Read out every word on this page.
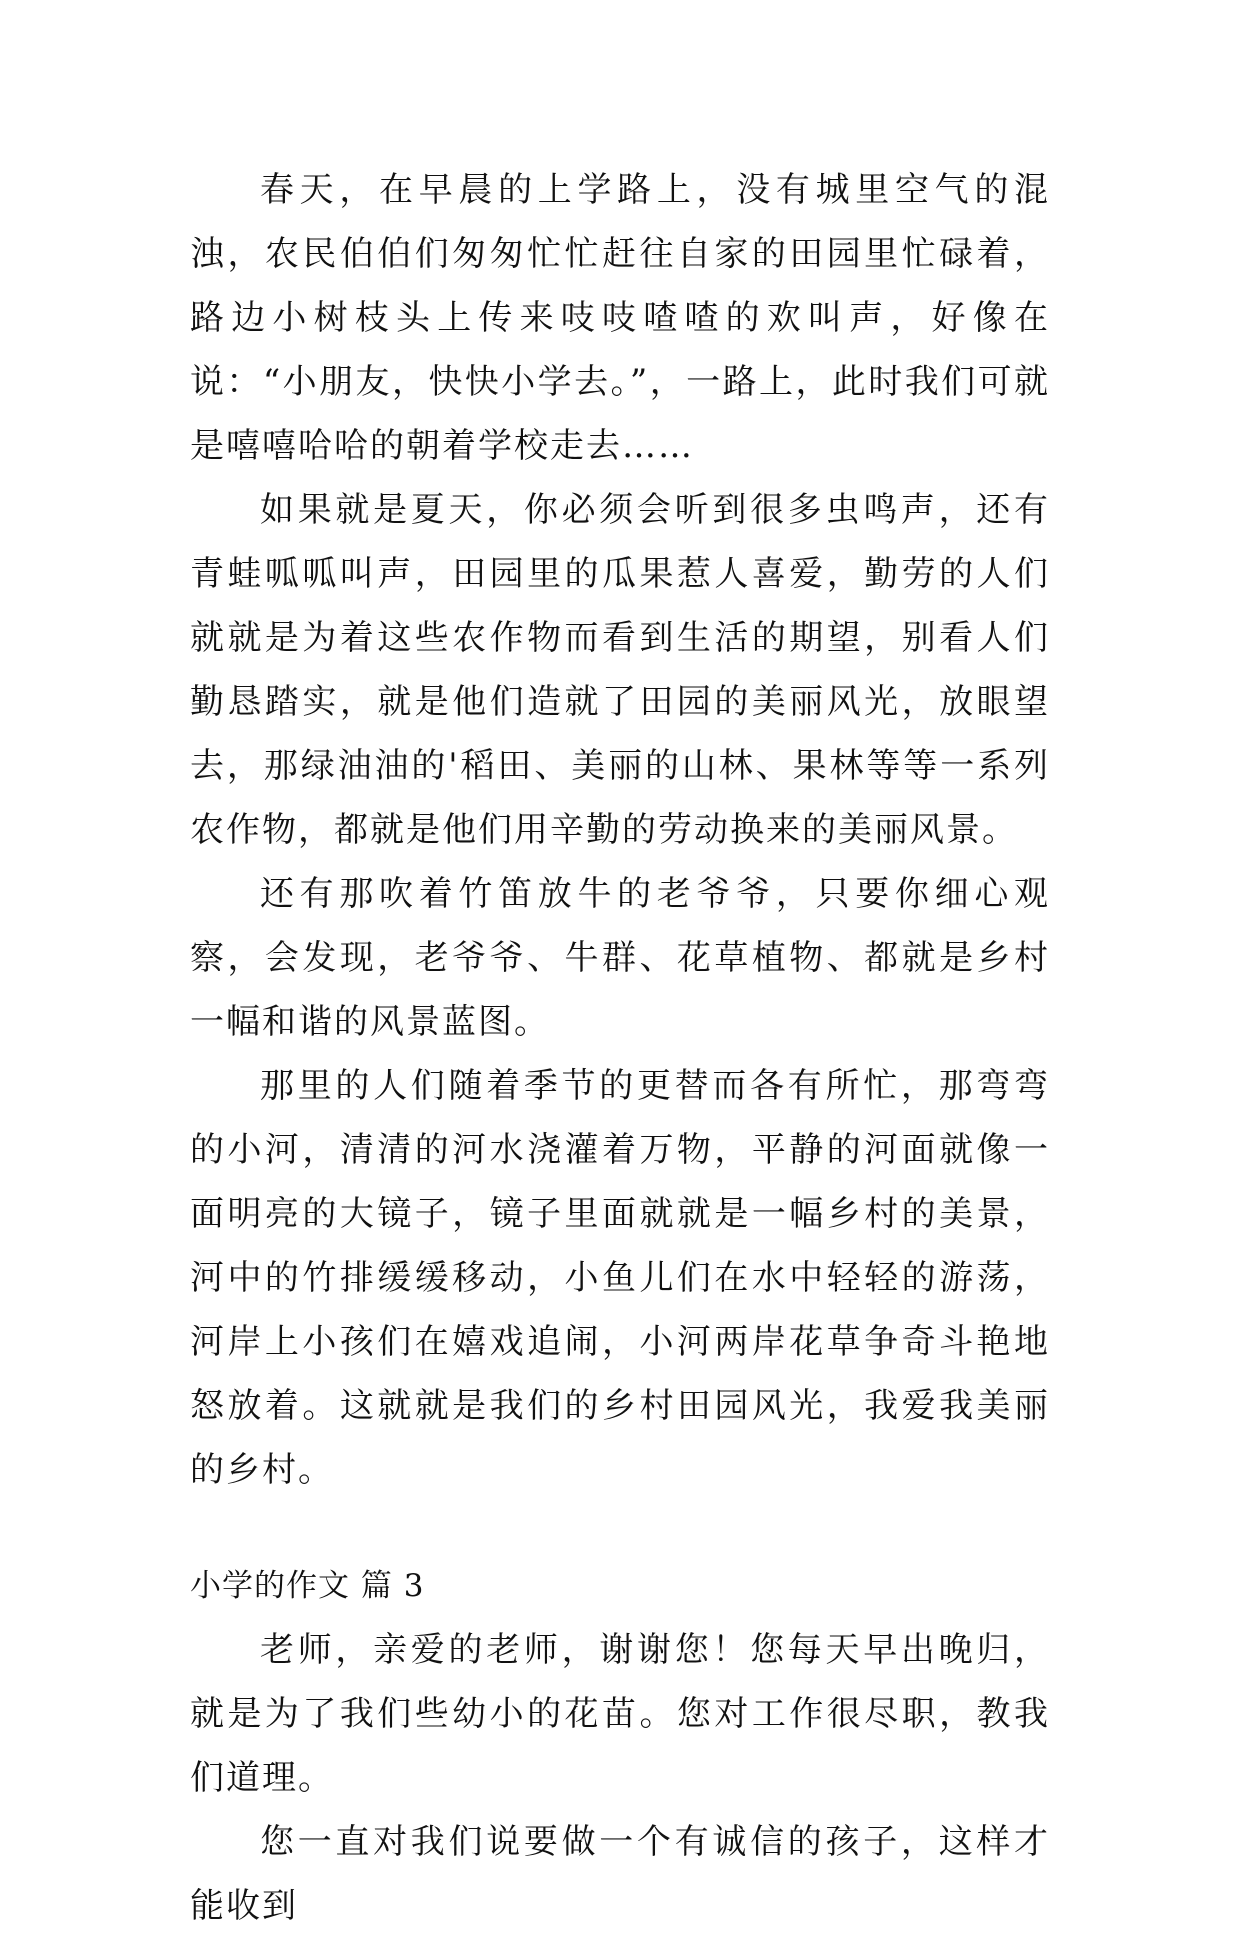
春天，在早晨的上学路上，没有城里空气的混浊，农民伯伯们匆匆忙忙赶往自家的田园里忙碌着，路边小树枝头上传来吱吱喳喳的欢叫声，好像在说：“小朋友，快快小学去。”，一路上，此时我们可就是嘻嘻哈哈的朝着学校走去……

如果就是夏天，你必须会听到很多虫鸣声，还有青蛙呱呱叫声，田园里的瓜果惹人喜爱，勤劳的人们就就是为着这些农作物而看到生活的期望，别看人们勤恳踏实，就是他们造就了田园的美丽风光，放眼望去，那绿油油的'稻田、美丽的山林、果林等等一系列农作物，都就是他们用辛勤的劳动换来的美丽风景。

还有那吹着竹笛放牛的老爷爷，只要你细心观察，会发现，老爷爷、牛群、花草植物、都就是乡村一幅和谐的风景蓝图。

那里的人们随着季节的更替而各有所忙，那弯弯的小河，清清的河水浇灌着万物，平静的河面就像一面明亮的大镜子，镜子里面就就是一幅乡村的美景，河中的竹排缓缓移动，小鱼儿们在水中轻轻的游荡，河岸上小孩们在嬉戏追闹，小河两岸花草争奇斗艳地怒放着。这就就是我们的乡村田园风光，我爱我美丽的乡村。

小学的作文 篇 3

老师，亲爱的老师，谢谢您！您每天早出晚归，就是为了我们些幼小的花苗。您对工作很尽职，教我们道理。

您一直对我们说要做一个有诚信的孩子，这样才能收到
